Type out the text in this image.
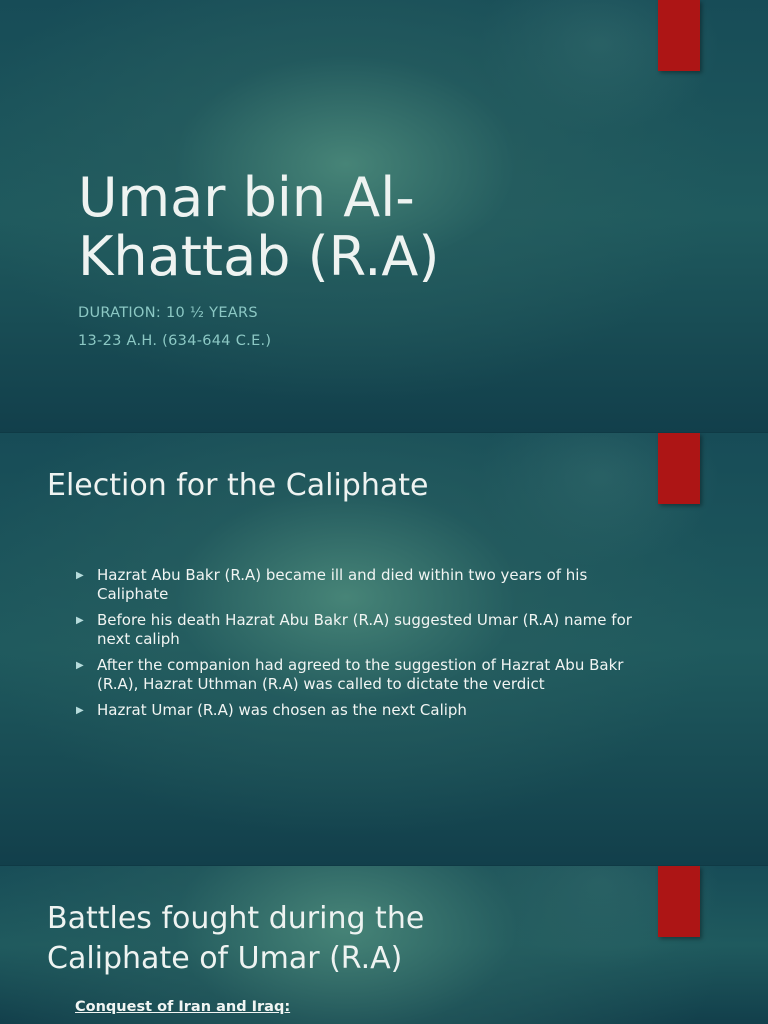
Umar bin Al-Khattab (R.A)

DURATION: 10 ½ YEARS

13-23 A.H. (634-644 C.E.)

Election for the Caliphate
▶ Hazrat Abu Bakr (R.A) became ill and died within two years of his Caliphate
▶ Before his death Hazrat Abu Bakr (R.A) suggested Umar (R.A) name for next caliph
▶ After the companion had agreed to the suggestion of Hazrat Abu Bakr (R.A), Hazrat Uthman (R.A) was called to dictate the verdict
▶ Hazrat Umar (R.A) was chosen as the next Caliph
Battles fought during the Caliphate of Umar (R.A)

Conquest of Iran and Iraq:
